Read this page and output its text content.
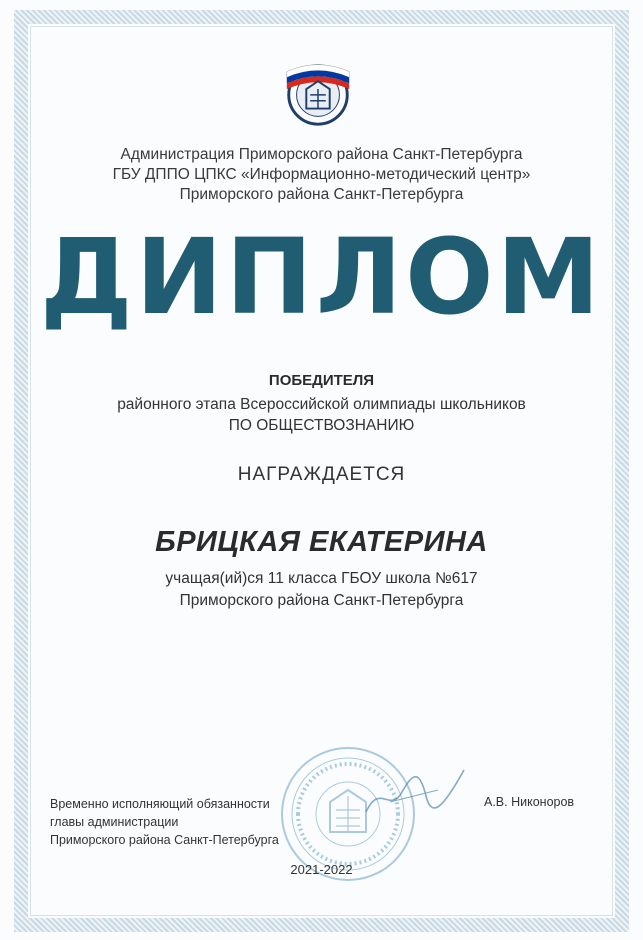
Администрация Приморского района Санкт-Петербурга
ГБУ ДППО ЦПКС «Информационно-методический центр»
Приморского района Санкт-Петербурга
ДИПЛОМ
ПОБЕДИТЕЛЯ
районного этапа Всероссийской олимпиады школьников
ПО ОБЩЕСТВОЗНАНИЮ
НАГРАЖДАЕТСЯ
БРИЦКАЯ ЕКАТЕРИНА
учащая(ий)ся 11 класса ГБОУ школа №617
Приморского района Санкт-Петербурга
Временно исполняющий обязанности
главы администрации
Приморского района Санкт-Петербурга
А.В. Никоноров
2021-2022
